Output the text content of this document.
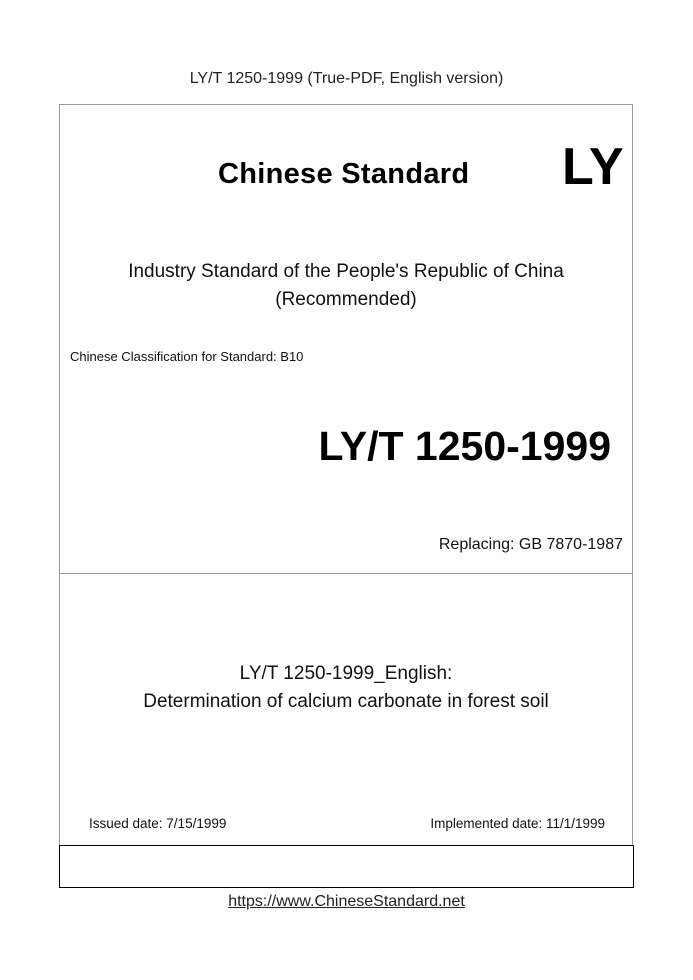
LY/T 1250-1999 (True-PDF, English version)
Chinese Standard LY
Industry Standard of the People's Republic of China
(Recommended)
Chinese Classification for Standard: B10
LY/T 1250-1999
Replacing: GB 7870-1987
LY/T 1250-1999_English:
Determination of calcium carbonate in forest soil
Issued date: 7/15/1999	Implemented date: 11/1/1999
https://www.ChineseStandard.net
